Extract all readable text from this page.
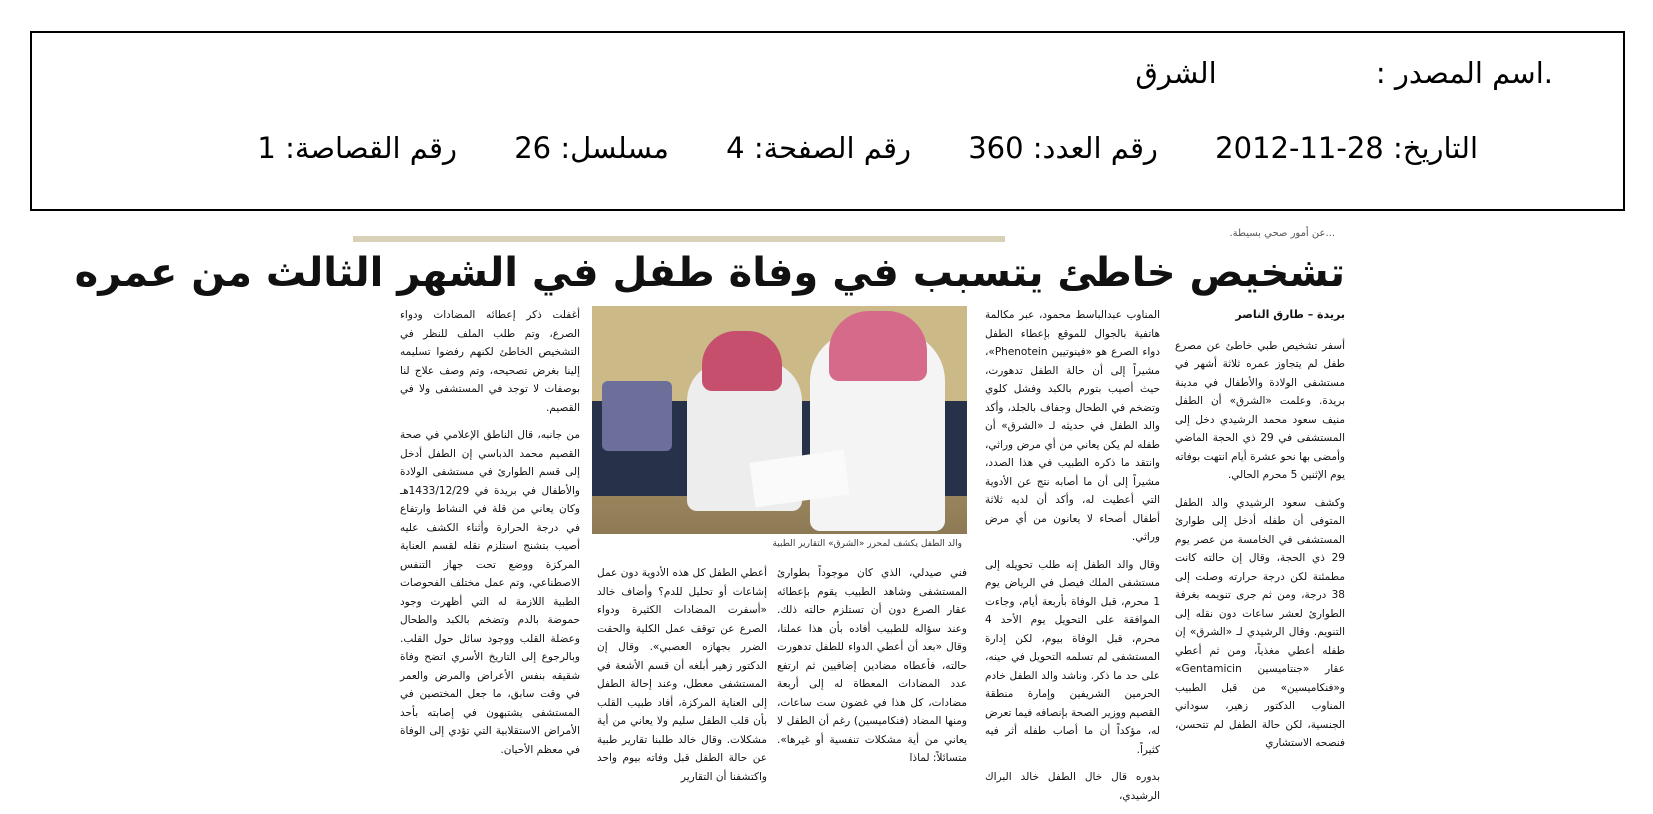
.اسم المصدر : الشرق
التاريخ: 28-11-2012 رقم العدد: 360 رقم الصفحة: 4 مسلسل: 26 رقم القصاصة: 1
...عن أمور صحي بسيطة.
تشخيص خاطئ يتسبب في وفاة طفل في الشهر الثالث من عمره

بريدة – طارق الناصر

أسفر تشخيص طبي خاطئ عن مصرع طفل لم يتجاوز عمره ثلاثة أشهر في مستشفى الولادة والأطفال في مدينة بريدة. وعلمت «الشرق» أن الطفل منيف سعود محمد الرشيدي دخل إلى المستشفى في 29 ذي الحجة الماضي وأمضى بها نحو عشرة أيام انتهت بوفاته يوم الإثنين 5 محرم الحالي.

وكشف سعود الرشيدي والد الطفل المتوفى أن طفله أدخل إلى طوارئ المستشفى في الخامسة من عصر يوم 29 ذي الحجة، وقال إن حالته كانت مطمئنة لكن درجة حرارته وصلت إلى 38 درجة، ومن ثم جرى تنويمه بغرفة الطوارئ لعشر ساعات دون نقله إلى التنويم. وقال الرشيدي لـ «الشرق» إن طفله أعطي مغذياً، ومن ثم أعطي عقار «جنتاميسين Gentamicin» و«فنكاميسين» من قبل الطبيب المناوب الدكتور زهير، سوداني الجنسية، لكن حالة الطفل لم تتحسن، فنصحه الاستشاري

المناوب عبدالباسط محمود، عبر مكالمة هاتفية بالجوال للموقع بإعطاء الطفل دواء الصرع هو «فينوتيين Phenotein»، مشيراً إلى أن حالة الطفل تدهورت، حيث أصيب بتورم بالكبد وفشل كلوي وتضخم في الطحال وجفاف بالجلد، وأكد والد الطفل في حديثه لـ «الشرق» أن طفله لم يكن يعاني من أي مرض وراثي، وانتقد ما ذكره الطبيب في هذا الصدد، مشيراً إلى أن ما أصابه نتج عن الأدوية التي أعطيت له، وأكد أن لديه ثلاثة أطفال أصحاء لا يعانون من أي مرض وراثي.

وقال والد الطفل إنه طلب تحويله إلى مستشفى الملك فيصل في الرياض يوم 1 محرم، قبل الوفاة بأربعة أيام، وجاءت الموافقة على التحويل يوم الأحد 4 محرم، قبل الوفاة بيوم، لكن إدارة المستشفى لم تسلمه التحويل في حينه، على حد ما ذكر. وناشد والد الطفل خادم الحرمين الشريفين وإمارة منطقة القصيم ووزير الصحة بإنصافه فيما تعرض له، مؤكداً أن ما أصاب طفله أثر فيه كثيراً.

بدوره قال خال الطفل خالد البراك الرشيدي،

والد الطفل يكشف لمحرر «الشرق» التقارير الطبية

فني صيدلي، الذي كان موجوداً بطوارئ المستشفى وشاهد الطبيب يقوم بإعطائه عقار الصرع دون أن تستلزم حالته ذلك. وعند سؤاله للطبيب أفاده بأن هذا عملنا، وقال «بعد أن أعطي الدواء للطفل تدهورت حالته، فأعطاه مضادين إضافيين ثم ارتفع عدد المضادات المعطاة له إلى أربعة مضادات، كل هذا في غضون ست ساعات، ومنها المضاد (فنكاميسين) رغم أن الطفل لا يعاني من أية مشكلات تنفسية أو غيرها». متسائلاً: لماذا

أعطي الطفل كل هذه الأدوية دون عمل إشاعات أو تحليل للدم؟ وأضاف خالد «أسفرت المضادات الكثيرة ودواء الصرع عن توقف عمل الكلية والحقت الضرر بجهازه العصبي». وقال إن الدكتور زهير أبلغه أن قسم الأشعة في المستشفى معطل، وعند إحالة الطفل إلى العناية المركزة، أفاد طبيب القلب بأن قلب الطفل سليم ولا يعاني من أية مشكلات. وقال خالد طلبنا تقارير طبية عن حالة الطفل قبل وفاته بيوم واحد واكتشفنا أن التقارير

أغفلت ذكر إعطائه المضادات ودواء الصرع، وتم طلب الملف للنظر في التشخيص الخاطئ لكنهم رفضوا تسليمه إلينا بغرض تصحيحه، وتم وصف علاج لنا بوصفات لا توجد في المستشفى ولا في القصيم.

من جانبه، قال الناطق الإعلامي في صحة القصيم محمد الدباسي إن الطفل أدخل إلى قسم الطوارئ في مستشفى الولادة والأطفال في بريدة في 1433/12/29هـ وكان يعاني من قلة في النشاط وارتفاع في درجة الحرارة وأثناء الكشف عليه أصيب بتشنج استلزم نقله لقسم العناية المركزة ووضع تحت جهاز التنفس الاصطناعي، وتم عمل مختلف الفحوصات الطبية اللازمة له التي أظهرت وجود حموضة بالدم وتضخم بالكبد والطحال وعضلة القلب ووجود سائل حول القلب. وبالرجوع إلى التاريخ الأسري اتضح وفاة شقيقه بنفس الأعراض والمرض والعمر في وقت سابق، ما جعل المختصين في المستشفى يشتبهون في إصابته بأحد الأمراض الاستقلابية التي تؤدي إلى الوفاة في معظم الأحيان.
